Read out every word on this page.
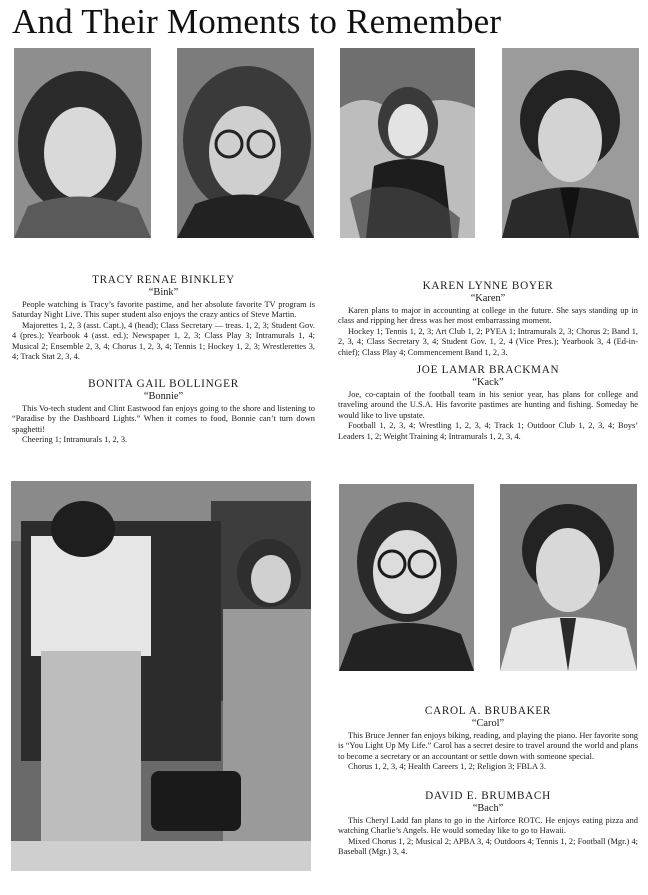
And Their Moments to Remember
TRACY RENAE BINKLEY
“Bink”

People watching is Tracy’s favorite pastime, and her absolute favorite TV program is Saturday Night Live. This super student also enjoys the crazy antics of Steve Martin.

Majorettes 1, 2, 3 (asst. Capt.), 4 (head); Class Secretary — treas. 1, 2, 3; Student Gov. 4 (pres.); Yearbook 4 (asst. ed.); Newspaper 1, 2, 3; Class Play 3; Intramurals 1, 4; Musical 2; Ensemble 2, 3, 4; Chorus 1, 2, 3, 4; Tennis 1; Hockey 1, 2, 3; Wrestlerettes 3, 4; Track Stat 2, 3, 4.

BONITA GAIL BOLLINGER
“Bonnie”

This Vo-tech student and Clint Eastwood fan enjoys going to the shore and listening to “Paradise by the Dashboard Lights.” When it comes to food, Bonnie can’t turn down spaghetti!

Cheering 1; Intramurals 1, 2, 3.

KAREN LYNNE BOYER
“Karen”

Karen plans to major in accounting at college in the future. She says standing up in class and ripping her dress was her most embarrassing moment.

Hockey 1; Tennis 1, 2, 3; Art Club 1, 2; PYEA 1; Intramurals 2, 3; Chorus 2; Band 1, 2, 3, 4; Class Secretary 3, 4; Student Gov. 1, 2, 4 (Vice Pres.); Yearbook 3, 4 (Ed-in-chief); Class Play 4; Commencement Band 1, 2, 3.

JOE LAMAR BRACKMAN
“Kack”

Joe, co-captain of the football team in his senior year, has plans for college and traveling around the U.S.A. His favorite pastimes are hunting and fishing. Someday he would like to live upstate.

Football 1, 2, 3, 4; Wrestling 1, 2, 3, 4; Track 1; Outdoor Club 1, 2, 3, 4; Boys’ Leaders 1, 2; Weight Training 4; Intramurals 1, 2, 3, 4.

CAROL A. BRUBAKER
“Carol”

This Bruce Jenner fan enjoys biking, reading, and playing the piano. Her favorite song is “You Light Up My Life.” Carol has a secret desire to travel around the world and plans to become a secretary or an accountant or settle down with someone special.

Chorus 1, 2, 3, 4; Health Careers 1, 2; Religion 3; FBLA 3.

DAVID E. BRUMBACH
“Bach”

This Cheryl Ladd fan plans to go in the Airforce ROTC. He enjoys eating pizza and watching Charlie’s Angels. He would someday like to go to Hawaii.

Mixed Chorus 1, 2; Musical 2; APBA 3, 4; Outdoors 4; Tennis 1, 2; Football (Mgr.) 4; Baseball (Mgr.) 3, 4.
